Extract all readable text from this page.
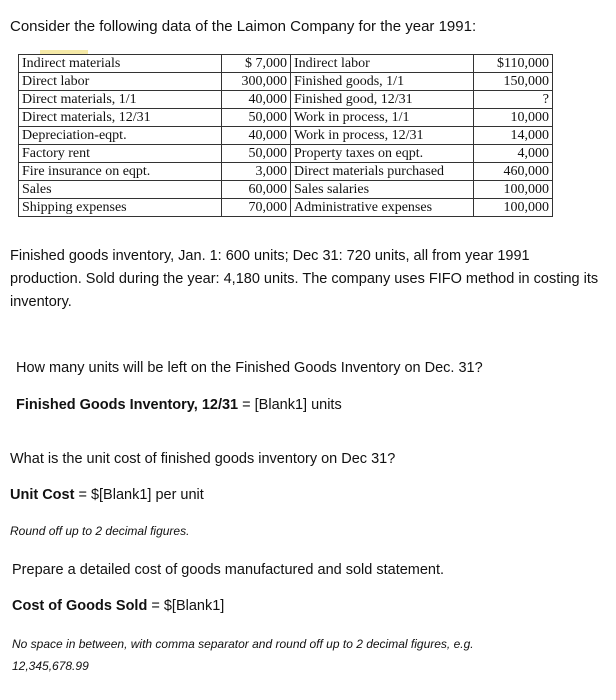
Consider the following data of the Laimon Company for the year 1991:
Indirect materials	$ 7,000	Indirect labor	$110,000
Direct labor	300,000	Finished goods, 1/1	150,000
Direct materials, 1/1	40,000	Finished good, 12/31	?
Direct materials, 12/31	50,000	Work in process, 1/1	10,000
Depreciation-eqpt.	40,000	Work in process, 12/31	14,000
Factory rent	50,000	Property taxes on eqpt.	4,000
Fire insurance on eqpt.	3,000	Direct materials purchased	460,000
Sales	60,000	Sales salaries	100,000
Shipping expenses	70,000	Administrative expenses	100,000
Finished goods inventory, Jan. 1: 600 units; Dec 31: 720 units, all from year 1991 production. Sold during the year: 4,180 units. The company uses FIFO method in costing its inventory.
How many units will be left on the Finished Goods Inventory on Dec. 31?
Finished Goods Inventory, 12/31 = [Blank1] units
What is the unit cost of finished goods inventory on Dec 31?
Unit Cost = $[Blank1] per unit
Round off up to 2 decimal figures.
Prepare a detailed cost of goods manufactured and sold statement.
Cost of Goods Sold = $[Blank1]
No space in between, with comma separator and round off up to 2 decimal figures, e.g.
12,345,678.99
